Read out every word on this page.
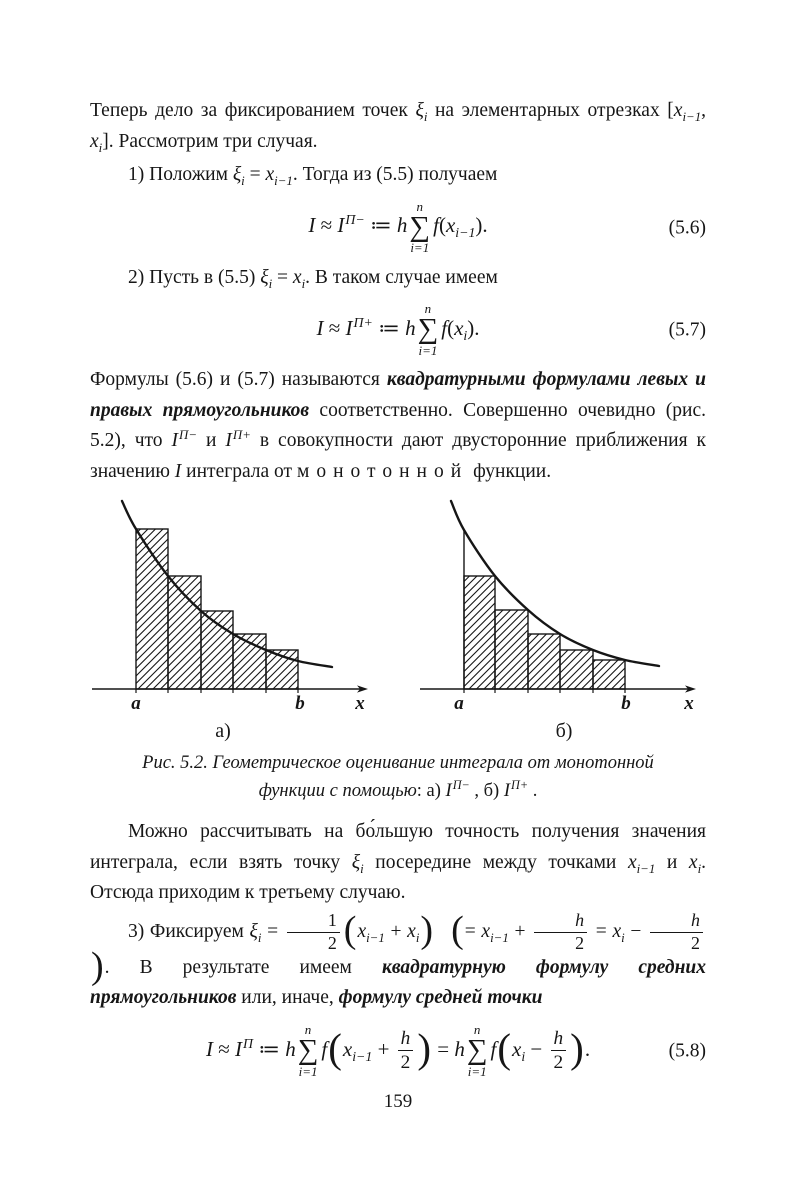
Теперь дело за фиксированием точек $\xi_i$ на элементарных отрезках [$x_{i-1}$, $x_i$]. Рассмотрим три случая.

1) Положим $\xi_i = x_{i-1}$. Тогда из (5.5) получаем

$I \approx I^{П-}$ ≔ h
n
∑
i=1
$f(x_{i-1})$.	(5.6)

2) Пусть в (5.5) $\xi_i = x_i$. В таком случае имеем

$I \approx I^{П+}$ ≔ h
n
∑
i=1
$f(x_i)$.	(5.7)

Формулы (5.6) и (5.7) называются квадратурными формулами левых и правых прямоугольников соответственно. Совершенно очевидно (рис. 5.2), что $I^{П-}$ и $I^{П+}$ в совокупности дают двусторонние приближения к значению I интеграла от монотонной функции.

a	b	x
а)
a	b	x
б)
Рис. 5.2. Геометрическое оценивание интеграла от монотонной
функции с помощью: а) $I^{П-}$ , б) $I^{П+}$ .

Можно рассчитывать на бо́льшую точность получения значения интеграла, если взять точку $\xi_i$ посередине между точками $x_{i-1}$ и $x_i$. Отсюда приходим к третьему случаю.

3) Фиксируем $\xi_i = \frac{1}{2} (x_{i-1} + x_i)$ (= $x_{i-1} + \frac{h}{2} = x_i - \frac{h}{2}$
). В результате имеем квадратурную формулу средних прямоугольников или, иначе, формулу средней точки

$I \approx I^П$ ≔ h
n
∑
i=1
$f(x_{i-1} + \frac{h}{2}$ ) = h
n
∑
i=1
$f(x_i - \frac{h}{2}$ ).	(5.8)
159
